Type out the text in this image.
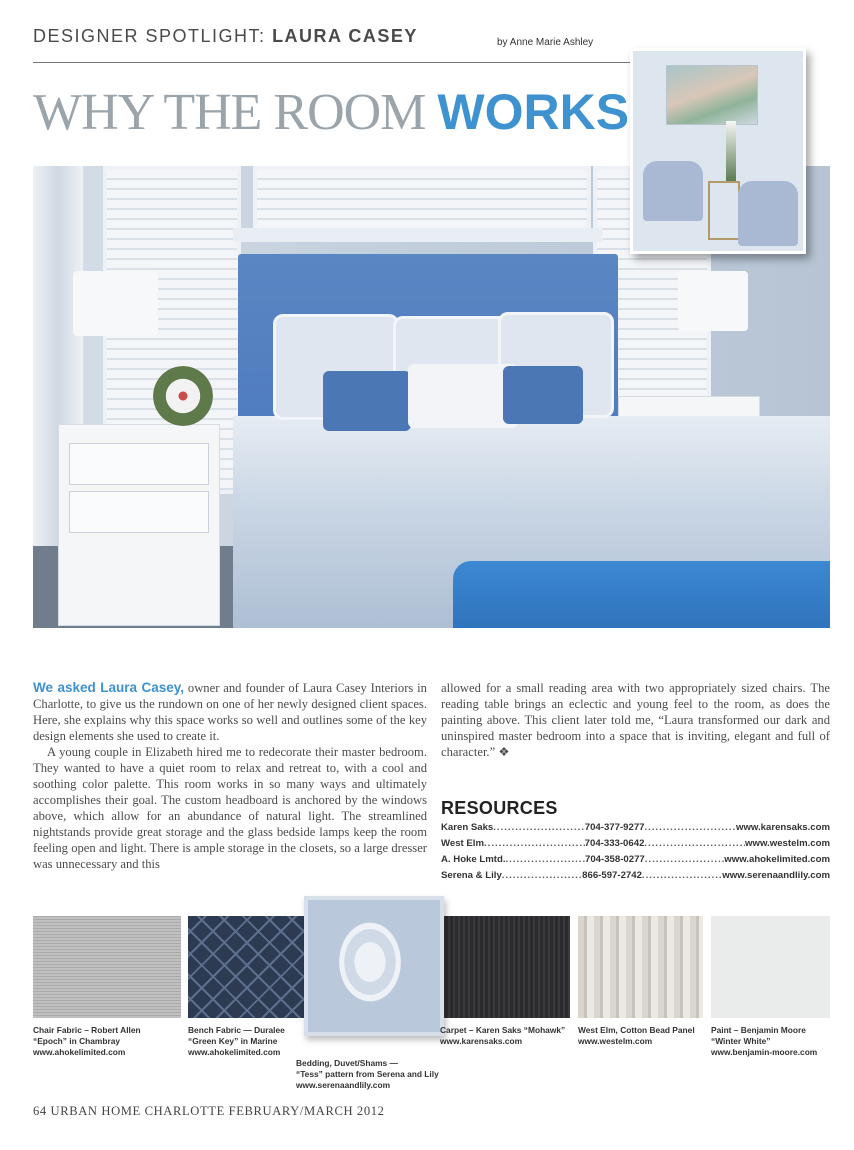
DESIGNER SPOTLIGHT: LAURA CASEY	by Anne Marie Ashley
WHY THE ROOM WORKS

We asked Laura Casey, owner and founder of Laura Casey Interiors in Charlotte, to give us the rundown on one of her newly designed client spaces. Here, she explains why this space works so well and outlines some of the key design elements she used to create it.

A young couple in Elizabeth hired me to redecorate their master bedroom. They wanted to have a quiet room to relax and retreat to, with a cool and soothing color palette. This room works in so many ways and ultimately accomplishes their goal. The custom headboard is anchored by the windows above, which allow for an abundance of natural light. The streamlined nightstands provide great storage and the glass bedside lamps keep the room feeling open and light. There is ample storage in the closets, so a large dresser was unnecessary and this

allowed for a small reading area with two appropriately sized chairs. The reading table brings an eclectic and young feel to the room, as does the painting above. This client later told me, “Laura transformed our dark and uninspired master bedroom into a space that is inviting, elegant and full of character.” ❖

RESOURCES
Karen Saks .....	704-377-9277 .....	www.karensaks.com
West Elm .....	704-333-0642 .....	www.westelm.com
A. Hoke Lmtd. .....	704-358-0277 .....	www.ahokelimited.com
Serena & Lily .....	866-597-2742 .....	www.serenaandlily.com
Chair Fabric – Robert Allen
“Epoch” in Chambray
www.ahokelimited.com
Bench Fabric — Duralee
“Green Key” in Marine
www.ahokelimited.com
Bedding, Duvet/Shams —
“Tess” pattern from Serena and Lily
www.serenaandlily.com
Carpet – Karen Saks “Mohawk”
www.karensaks.com
West Elm, Cotton Bead Panel
www.westelm.com
Paint – Benjamin Moore
“Winter White”
www.benjamin-moore.com
64 URBAN HOME CHARLOTTE FEBRUARY/MARCH 2012
